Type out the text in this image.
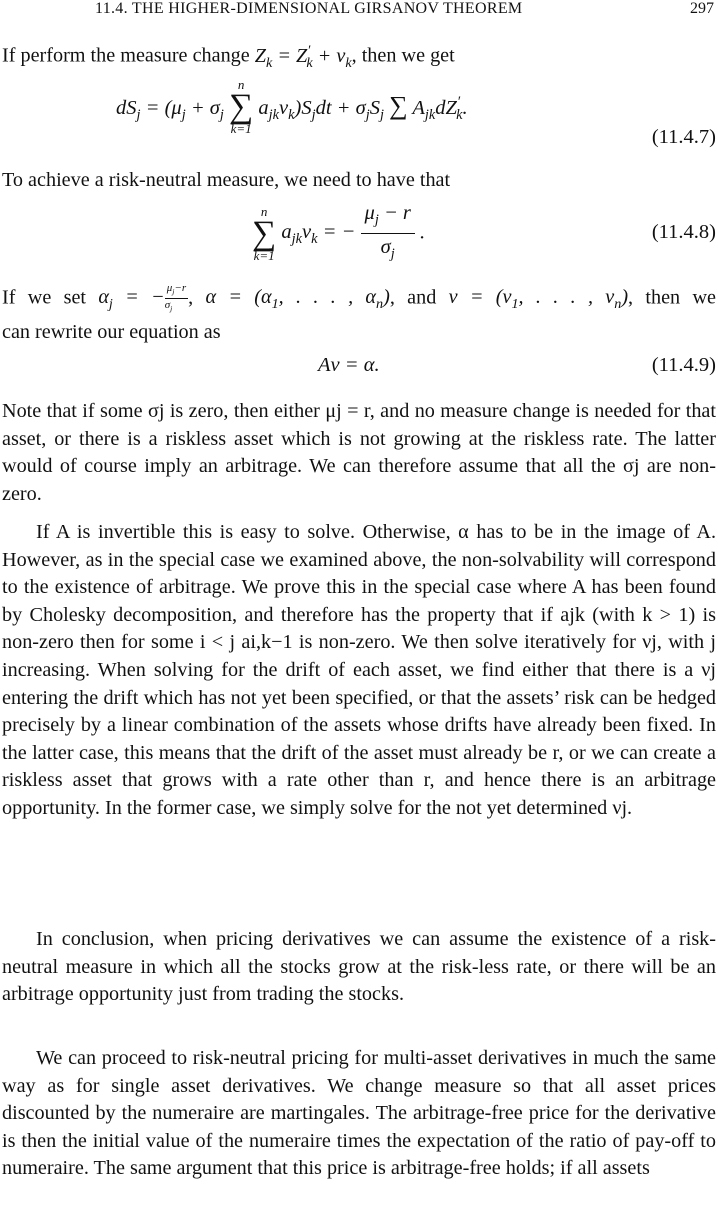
11.4. THE HIGHER-DIMENSIONAL GIRSANOV THEOREM	297

If perform the measure change $Z_k = Z'_k + \nu_k$, then we get

$dS_j = (\mu_j + \sigma_j$
n
∑
k=1
$a_{jk}\nu_k)S_jdt + \sigma_jS_j$ ∑ $A_{jk}dZ'_k$.
(11.4.7)

To achieve a risk-neutral measure, we need to have that

n
∑
k=1
$a_{jk}\nu_k$ = − $\frac{\mu_j - r}{\sigma_j}$ .	(11.4.8)

If we set $\alpha_j$ = − $\frac{\mu_j-r}{\sigma_j}$, $\alpha = (\alpha_1$, . . . , $\alpha_n$), and $\nu = (\nu_1$, . . . , $\nu_n$), then we

can rewrite our equation as

Aν = α.	(11.4.9)

Note that if some σj is zero, then either μj = r, and no measure change is needed for that asset, or there is a riskless asset which is not growing at the riskless rate. The latter would of course imply an arbitrage. We can therefore assume that all the σj are non-zero.

If A is invertible this is easy to solve. Otherwise, α has to be in the image of A. However, as in the special case we examined above, the non-solvability will correspond to the existence of arbitrage. We prove this in the special case where A has been found by Cholesky decomposition, and therefore has the property that if ajk (with k > 1) is non-zero then for some i < j ai,k−1 is non-zero. We then solve iteratively for νj, with j increasing. When solving for the drift of each asset, we find either that there is a νj entering the drift which has not yet been specified, or that the assets’ risk can be hedged precisely by a linear combination of the assets whose drifts have already been fixed. In the latter case, this means that the drift of the asset must already be r, or we can create a riskless asset that grows with a rate other than r, and hence there is an arbitrage opportunity. In the former case, we simply solve for the not yet determined νj.

In conclusion, when pricing derivatives we can assume the existence of a risk-neutral measure in which all the stocks grow at the risk-less rate, or there will be an arbitrage opportunity just from trading the stocks.

We can proceed to risk-neutral pricing for multi-asset derivatives in much the same way as for single asset derivatives. We change measure so that all asset prices discounted by the numeraire are martingales. The arbitrage-free price for the derivative is then the initial value of the numeraire times the expectation of the ratio of pay-off to numeraire. The same argument that this price is arbitrage-free holds; if all assets
